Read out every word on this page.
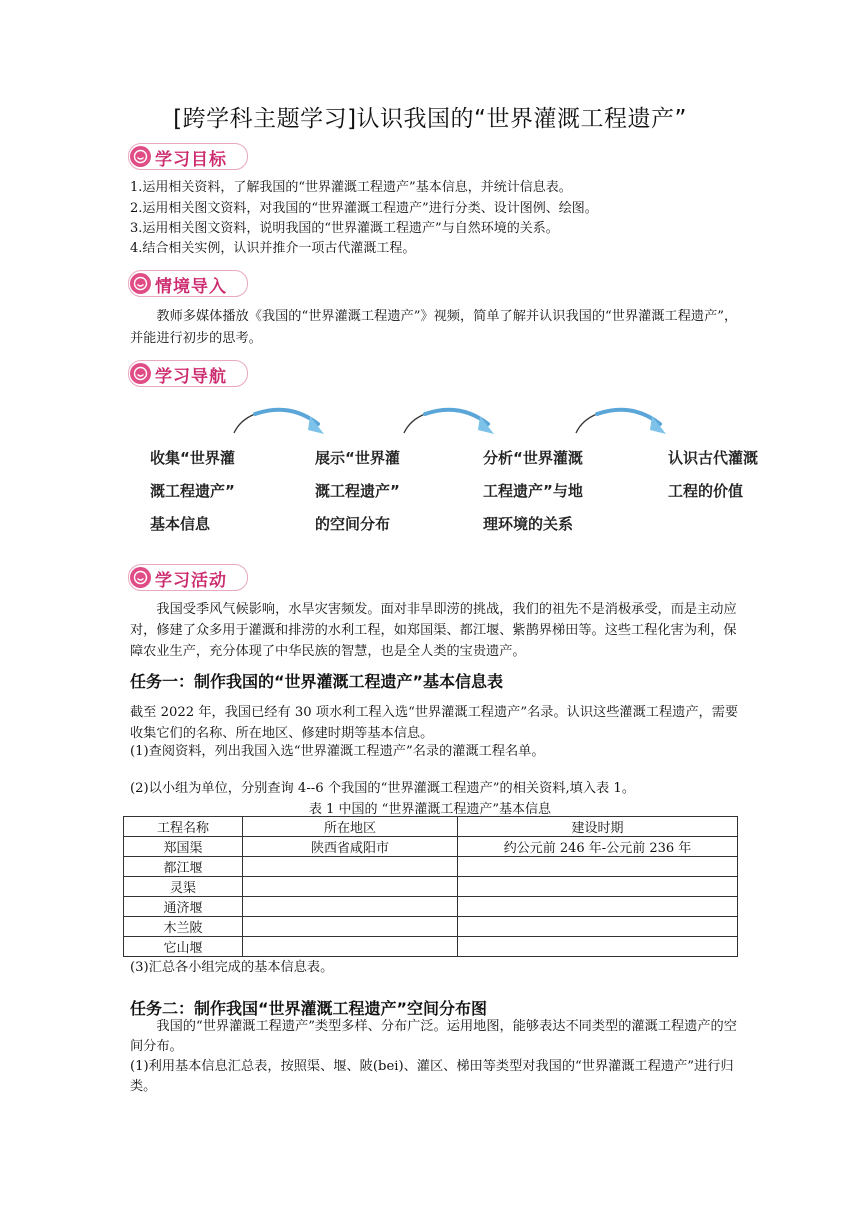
[跨学科主题学习]认识我国的“世界灌溉工程遗产”
学习目标
1.运用相关资料，了解我国的“世界灌溉工程遗产”基本信息，并统计信息表。
2.运用相关图文资料，对我国的“世界灌溉工程遗产”进行分类、设计图例、绘图。
3.运用相关图文资料，说明我国的“世界灌溉工程遗产”与自然环境的关系。
4.结合相关实例，认识并推介一项古代灌溉工程。
情境导入
教师多媒体播放《我国的“世界灌溉工程遗产”》视频，简单了解并认识我国的“世界灌溉工程遗产”，并能进行初步的思考。
学习导航
收集“世界灌
溉工程遗产”
基本信息
展示“世界灌
溉工程遗产”
的空间分布
分析“世界灌溉
工程遗产”与地
理环境的关系
认识古代灌溉
工程的价值
学习活动
我国受季风气候影响，水旱灾害频发。面对非旱即涝的挑战，我们的祖先不是消极承受，而是主动应对，修建了众多用于灌溉和排涝的水利工程，如郑国渠、都江堰、紫鹊界梯田等。这些工程化害为利，保障农业生产，充分体现了中华民族的智慧，也是全人类的宝贵遗产。
任务一：制作我国的“世界灌溉工程遗产”基本信息表
截至 2022 年，我国已经有 30 项水利工程入选“世界灌溉工程遗产”名录。认识这些灌溉工程遗产，需要收集它们的名称、所在地区、修建时期等基本信息。
(1)查阅资料，列出我国入选“世界灌溉工程遗产”名录的灌溉工程名单。
(2)以小组为单位，分别查询 4--6 个我国的“世界灌溉工程遗产”的相关资料,填入表 1。
表 1 中国的 “世界灌溉工程遗产”基本信息
工程名称	所在地区	建设时期
郑国渠	陕西省咸阳市	约公元前 246 年-公元前 236 年
都江堰		
灵渠		
通济堰		
木兰陂		
它山堰		
(3)汇总各小组完成的基本信息表。
任务二：制作我国“世界灌溉工程遗产”空间分布图
我国的“世界灌溉工程遗产”类型多样、分布广泛。运用地图，能够表达不同类型的灌溉工程遗产的空间分布。
(1)利用基本信息汇总表，按照渠、堰、陂(bei)、灌区、梯田等类型对我国的“世界灌溉工程遗产”进行归类。
